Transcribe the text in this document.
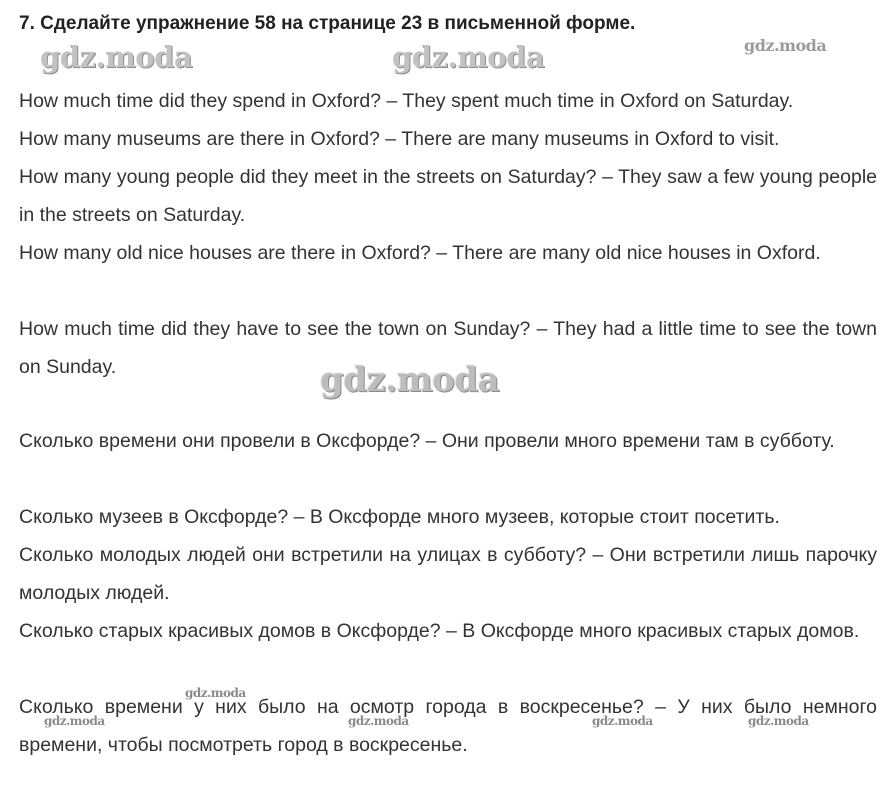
7. Сделайте упражнение 58 на странице 23 в письменной форме.
How much time did they spend in Oxford? – They spent much time in Oxford on Saturday.
How many museums are there in Oxford? – There are many museums in Oxford to visit.
How many young people did they meet in the streets on Saturday? – They saw a few young people in the streets on Saturday.
How many old nice houses are there in Oxford? – There are many old nice houses in Oxford.
How much time did they have to see the town on Sunday? – They had a little time to see the town on Sunday.
Сколько времени они провели в Оксфорде? – Они провели много времени там в субботу.
Сколько музеев в Оксфорде? – В Оксфорде много музеев, которые стоит посетить.
Сколько молодых людей они встретили на улицах в субботу? – Они встретили лишь парочку молодых людей.
Сколько старых красивых домов в Оксфорде? – В Оксфорде много красивых старых домов.
Сколько времени у них было на осмотр города в воскресенье? – У них было немного времени, чтобы посмотреть город в воскресенье.
gdz.moda	gdz.moda	gdz.moda
gdz.moda
gdz.moda
gdz.moda	gdz.moda	gdz.moda	gdz.moda
